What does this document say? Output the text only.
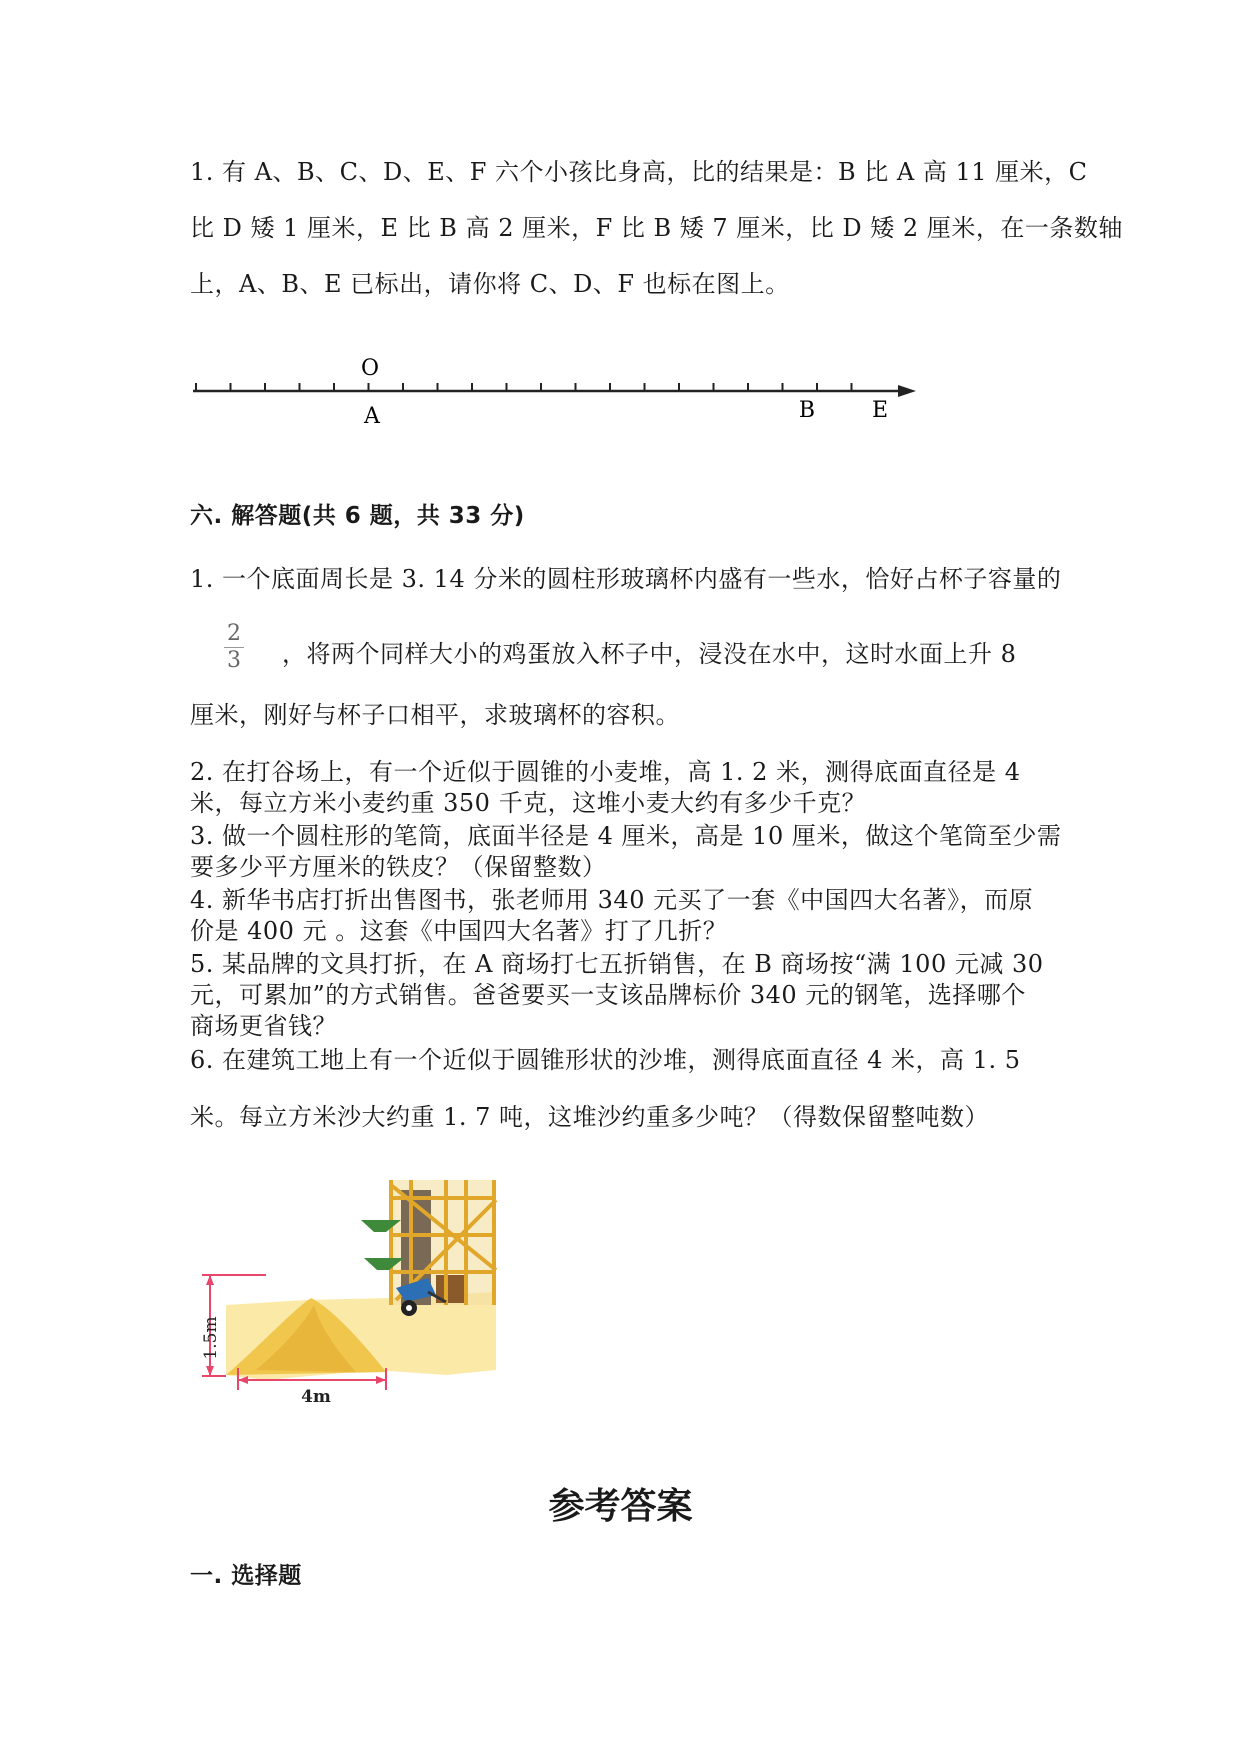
1. 有 A、B、C、D、E、F 六个小孩比身高，比的结果是：B 比 A 高 11 厘米，C
比 D 矮 1 厘米，E 比 B 高 2 厘米，F 比 B 矮 7 厘米，比 D 矮 2 厘米，在一条数轴
上，A、B、E 已标出，请你将 C、D、F 也标在图上。
O
A	B	E
六. 解答题(共 6 题，共 33 分)
1. 一个底面周长是 3. 14 分米的圆柱形玻璃杯内盛有一些水，恰好占杯子容量的
2
3 ，将两个同样大小的鸡蛋放入杯子中，浸没在水中，这时水面上升 8
厘米，刚好与杯子口相平，求玻璃杯的容积。
2. 在打谷场上，有一个近似于圆锥的小麦堆，高 1. 2 米，测得底面直径是 4
米，每立方米小麦约重 350 千克，这堆小麦大约有多少千克？
3. 做一个圆柱形的笔筒，底面半径是 4 厘米，高是 10 厘米，做这个笔筒至少需
要多少平方厘米的铁皮？（保留整数）
4. 新华书店打折出售图书，张老师用 340 元买了一套《中国四大名著》，而原
价是 400 元 。这套《中国四大名著》打了几折？
5. 某品牌的文具打折，在 A 商场打七五折销售，在 B 商场按“满 100 元减 30
元，可累加”的方式销售。爸爸要买一支该品牌标价 340 元的钢笔，选择哪个
商场更省钱？
6. 在建筑工地上有一个近似于圆锥形状的沙堆，测得底面直径 4 米，高 1. 5
米。每立方米沙大约重 1. 7 吨，这堆沙约重多少吨？（得数保留整吨数）
1.5m
4m
参考答案
一. 选择题
